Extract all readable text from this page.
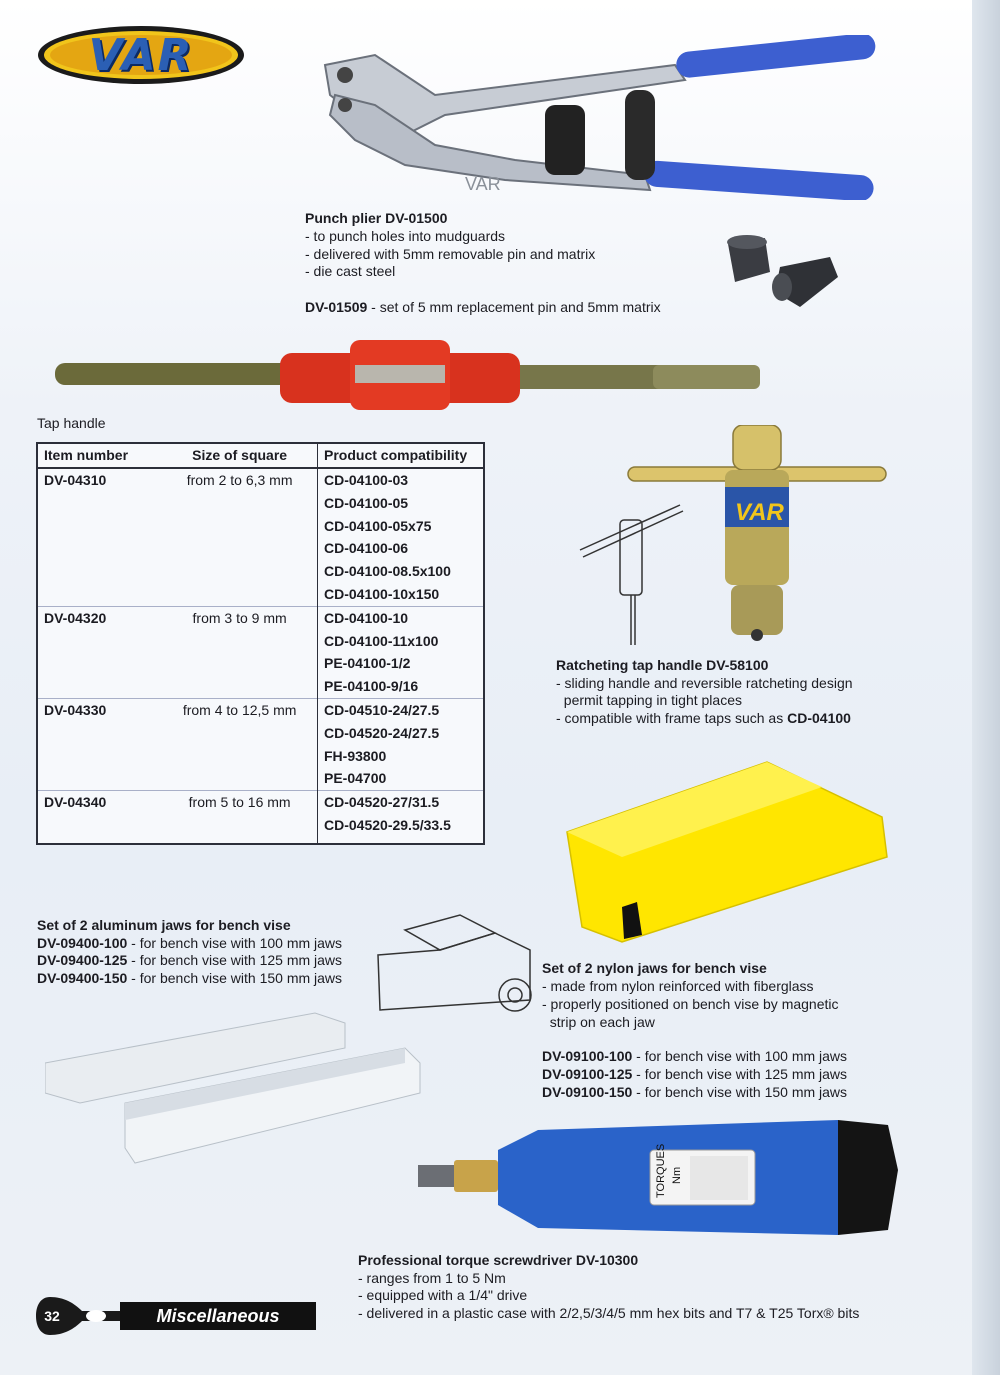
VAR
VAR
Punch plier DV-01500
- to punch holes into mudguards
- delivered with 5mm removable pin and matrix
- die cast steel
DV-01509 - set of 5 mm replacement pin and 5mm matrix
Tap handle
Item number	Size of square	Product compatibility
DV-04310	from 2 to 6,3 mm	CD-04100-03
		CD-04100-05
		CD-04100-05x75
		CD-04100-06
		CD-04100-08.5x100
		CD-04100-10x150
DV-04320	from 3 to 9 mm	CD-04100-10
		CD-04100-11x100
		PE-04100-1/2
		PE-04100-9/16
DV-04330	from 4 to 12,5 mm	CD-04510-24/27.5
		CD-04520-24/27.5
		FH-93800
		PE-04700
DV-04340	from 5 to 16 mm	CD-04520-27/31.5
		CD-04520-29.5/33.5
VAR
Ratcheting tap handle DV-58100
- sliding handle and reversible ratcheting design
permit tapping in tight places
- compatible with frame taps such as CD-04100
Set of 2 aluminum jaws for bench vise
DV-09400-100 - for bench vise with 100 mm jaws
DV-09400-125 - for bench vise with 125 mm jaws
DV-09400-150 - for bench vise with 150 mm jaws
Set of 2 nylon jaws for bench vise
- made from nylon reinforced with fiberglass
- properly positioned on bench vise by magnetic
strip on each jaw
DV-09100-100 - for bench vise with 100 mm jaws
DV-09100-125 - for bench vise with 125 mm jaws
DV-09100-150 - for bench vise with 150 mm jaws
TORQUES Nm
Professional torque screwdriver DV-10300
- ranges from 1 to 5 Nm
- equipped with a 1/4" drive
- delivered in a plastic case with 2/2,5/3/4/5 mm hex bits and T7 & T25 Torx® bits
32	Miscellaneous
